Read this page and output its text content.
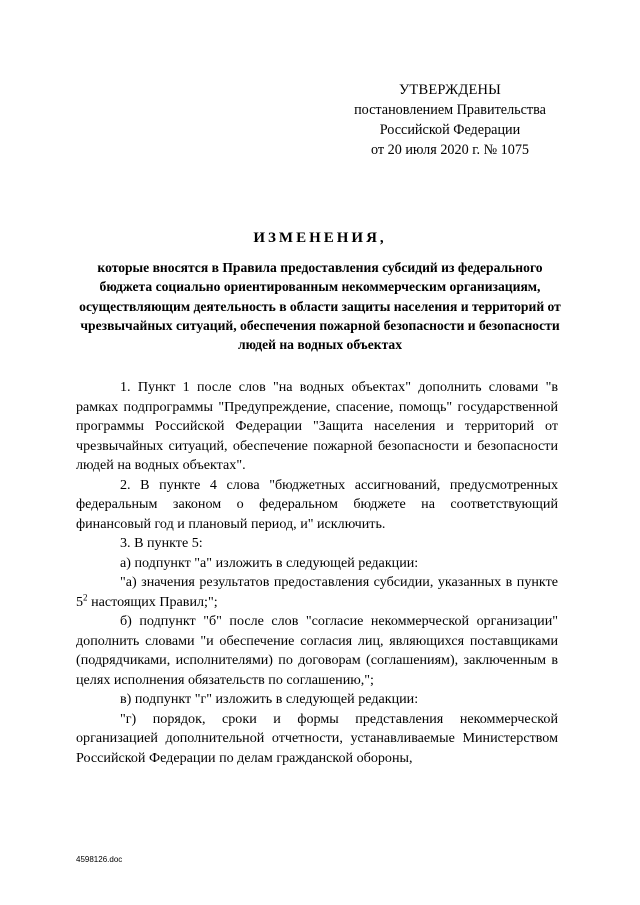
УТВЕРЖДЕНЫ
постановлением Правительства
Российской Федерации
от 20 июля 2020 г. № 1075
ИЗМЕНЕНИЯ,
которые вносятся в Правила предоставления субсидий из федерального бюджета социально ориентированным некоммерческим организациям, осуществляющим деятельность в области защиты населения и территорий от чрезвычайных ситуаций, обеспечения пожарной безопасности и безопасности людей на водных объектах

1. Пункт 1 после слов "на водных объектах" дополнить словами "в рамках подпрограммы "Предупреждение, спасение, помощь" государственной программы Российской Федерации "Защита населения и территорий от чрезвычайных ситуаций, обеспечение пожарной безопасности и безопасности людей на водных объектах".

2. В пункте 4 слова "бюджетных ассигнований, предусмотренных федеральным законом о федеральном бюджете на соответствующий финансовый год и плановый период, и" исключить.

3. В пункте 5:

а) подпункт "а" изложить в следующей редакции:

"а) значения результатов предоставления субсидии, указанных в пункте $5^2$ настоящих Правил;";

б) подпункт "б" после слов "согласие некоммерческой организации" дополнить словами "и обеспечение согласия лиц, являющихся поставщиками (подрядчиками, исполнителями) по договорам (соглашениям), заключенным в целях исполнения обязательств по соглашению,";

в) подпункт "г" изложить в следующей редакции:

"г) порядок, сроки и формы представления некоммерческой организацией дополнительной отчетности, устанавливаемые Министерством Российской Федерации по делам гражданской обороны,

4598126.doc
